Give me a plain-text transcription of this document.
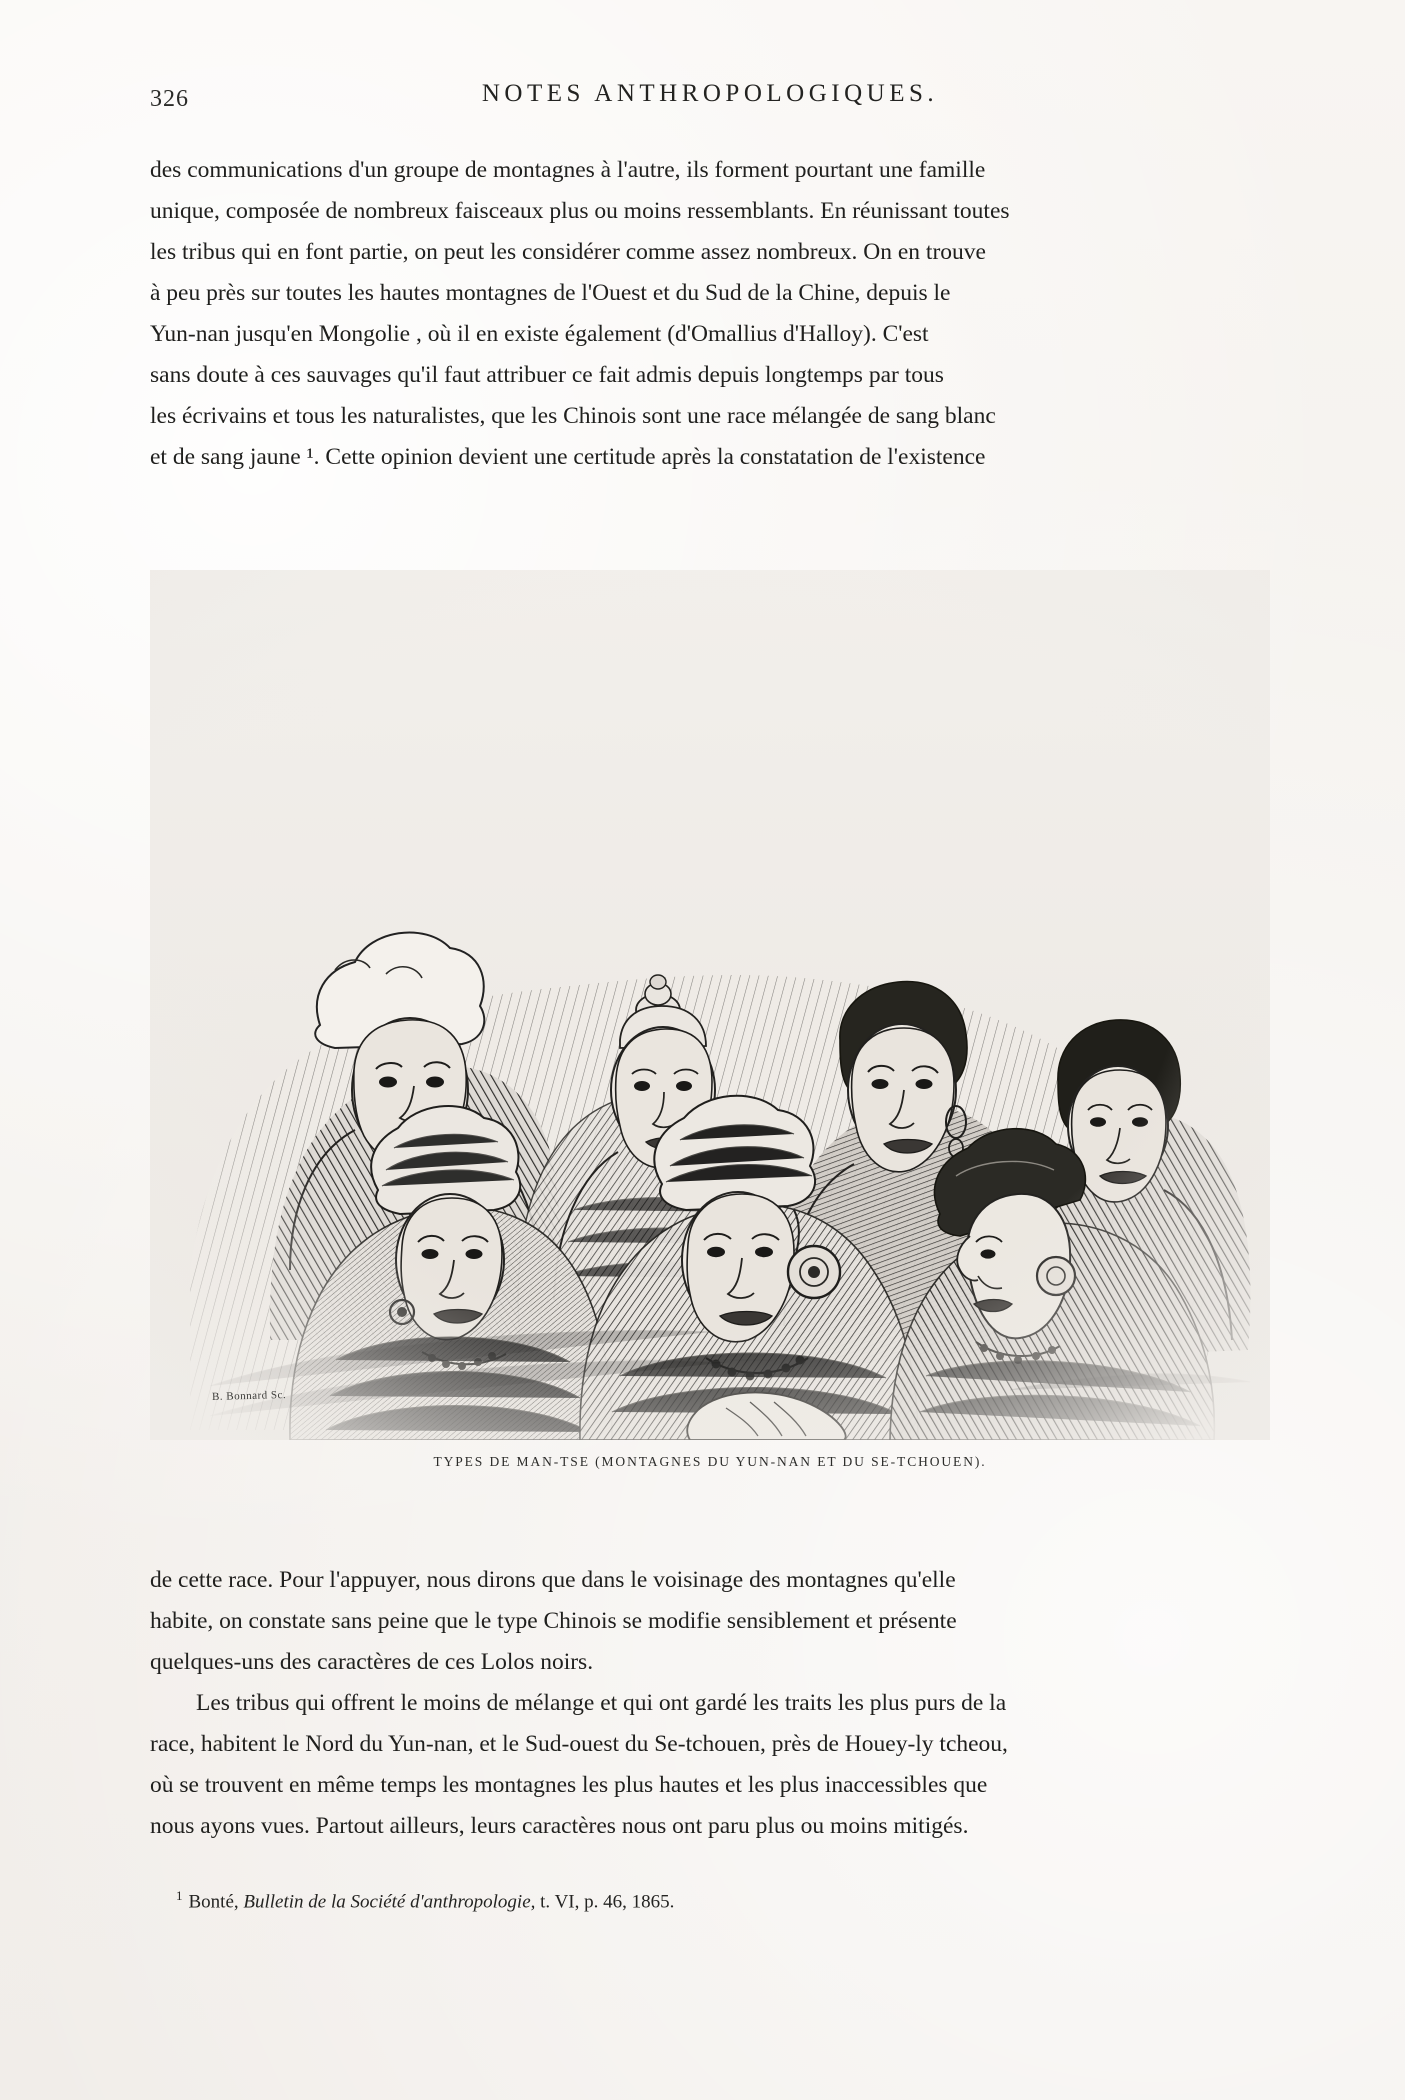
326	NOTES ANTHROPOLOGIQUES.
des communications d'un groupe de montagnes à l'autre, ils forment pourtant une famille
unique, composée de nombreux faisceaux plus ou moins ressemblants. En réunissant toutes
les tribus qui en font partie, on peut les considérer comme assez nombreux. On en trouve
à peu près sur toutes les hautes montagnes de l'Ouest et du Sud de la Chine, depuis le
Yun-nan jusqu'en Mongolie , où il en existe également (d'Omallius d'Halloy). C'est
sans doute à ces sauvages qu'il faut attribuer ce fait admis depuis longtemps par tous
les écrivains et tous les naturalistes, que les Chinois sont une race mélangée de sang blanc
et de sang jaune ¹. Cette opinion devient une certitude après la constatation de l'existence
B. Bonnard Sc.
TYPES DE MAN-TSE (MONTAGNES DU YUN-NAN ET DU SE-TCHOUEN).
de cette race. Pour l'appuyer, nous dirons que dans le voisinage des montagnes qu'elle
habite, on constate sans peine que le type Chinois se modifie sensiblement et présente
quelques-uns des caractères de ces Lolos noirs.
Les tribus qui offrent le moins de mélange et qui ont gardé les traits les plus purs de la
race, habitent le Nord du Yun-nan, et le Sud-ouest du Se-tchouen, près de Houey-ly tcheou,
où se trouvent en même temps les montagnes les plus hautes et les plus inaccessibles que
nous ayons vues. Partout ailleurs, leurs caractères nous ont paru plus ou moins mitigés.
$^1$ Bonté, Bulletin de la Société d'anthropologie, t. VI, p. 46, 1865.
